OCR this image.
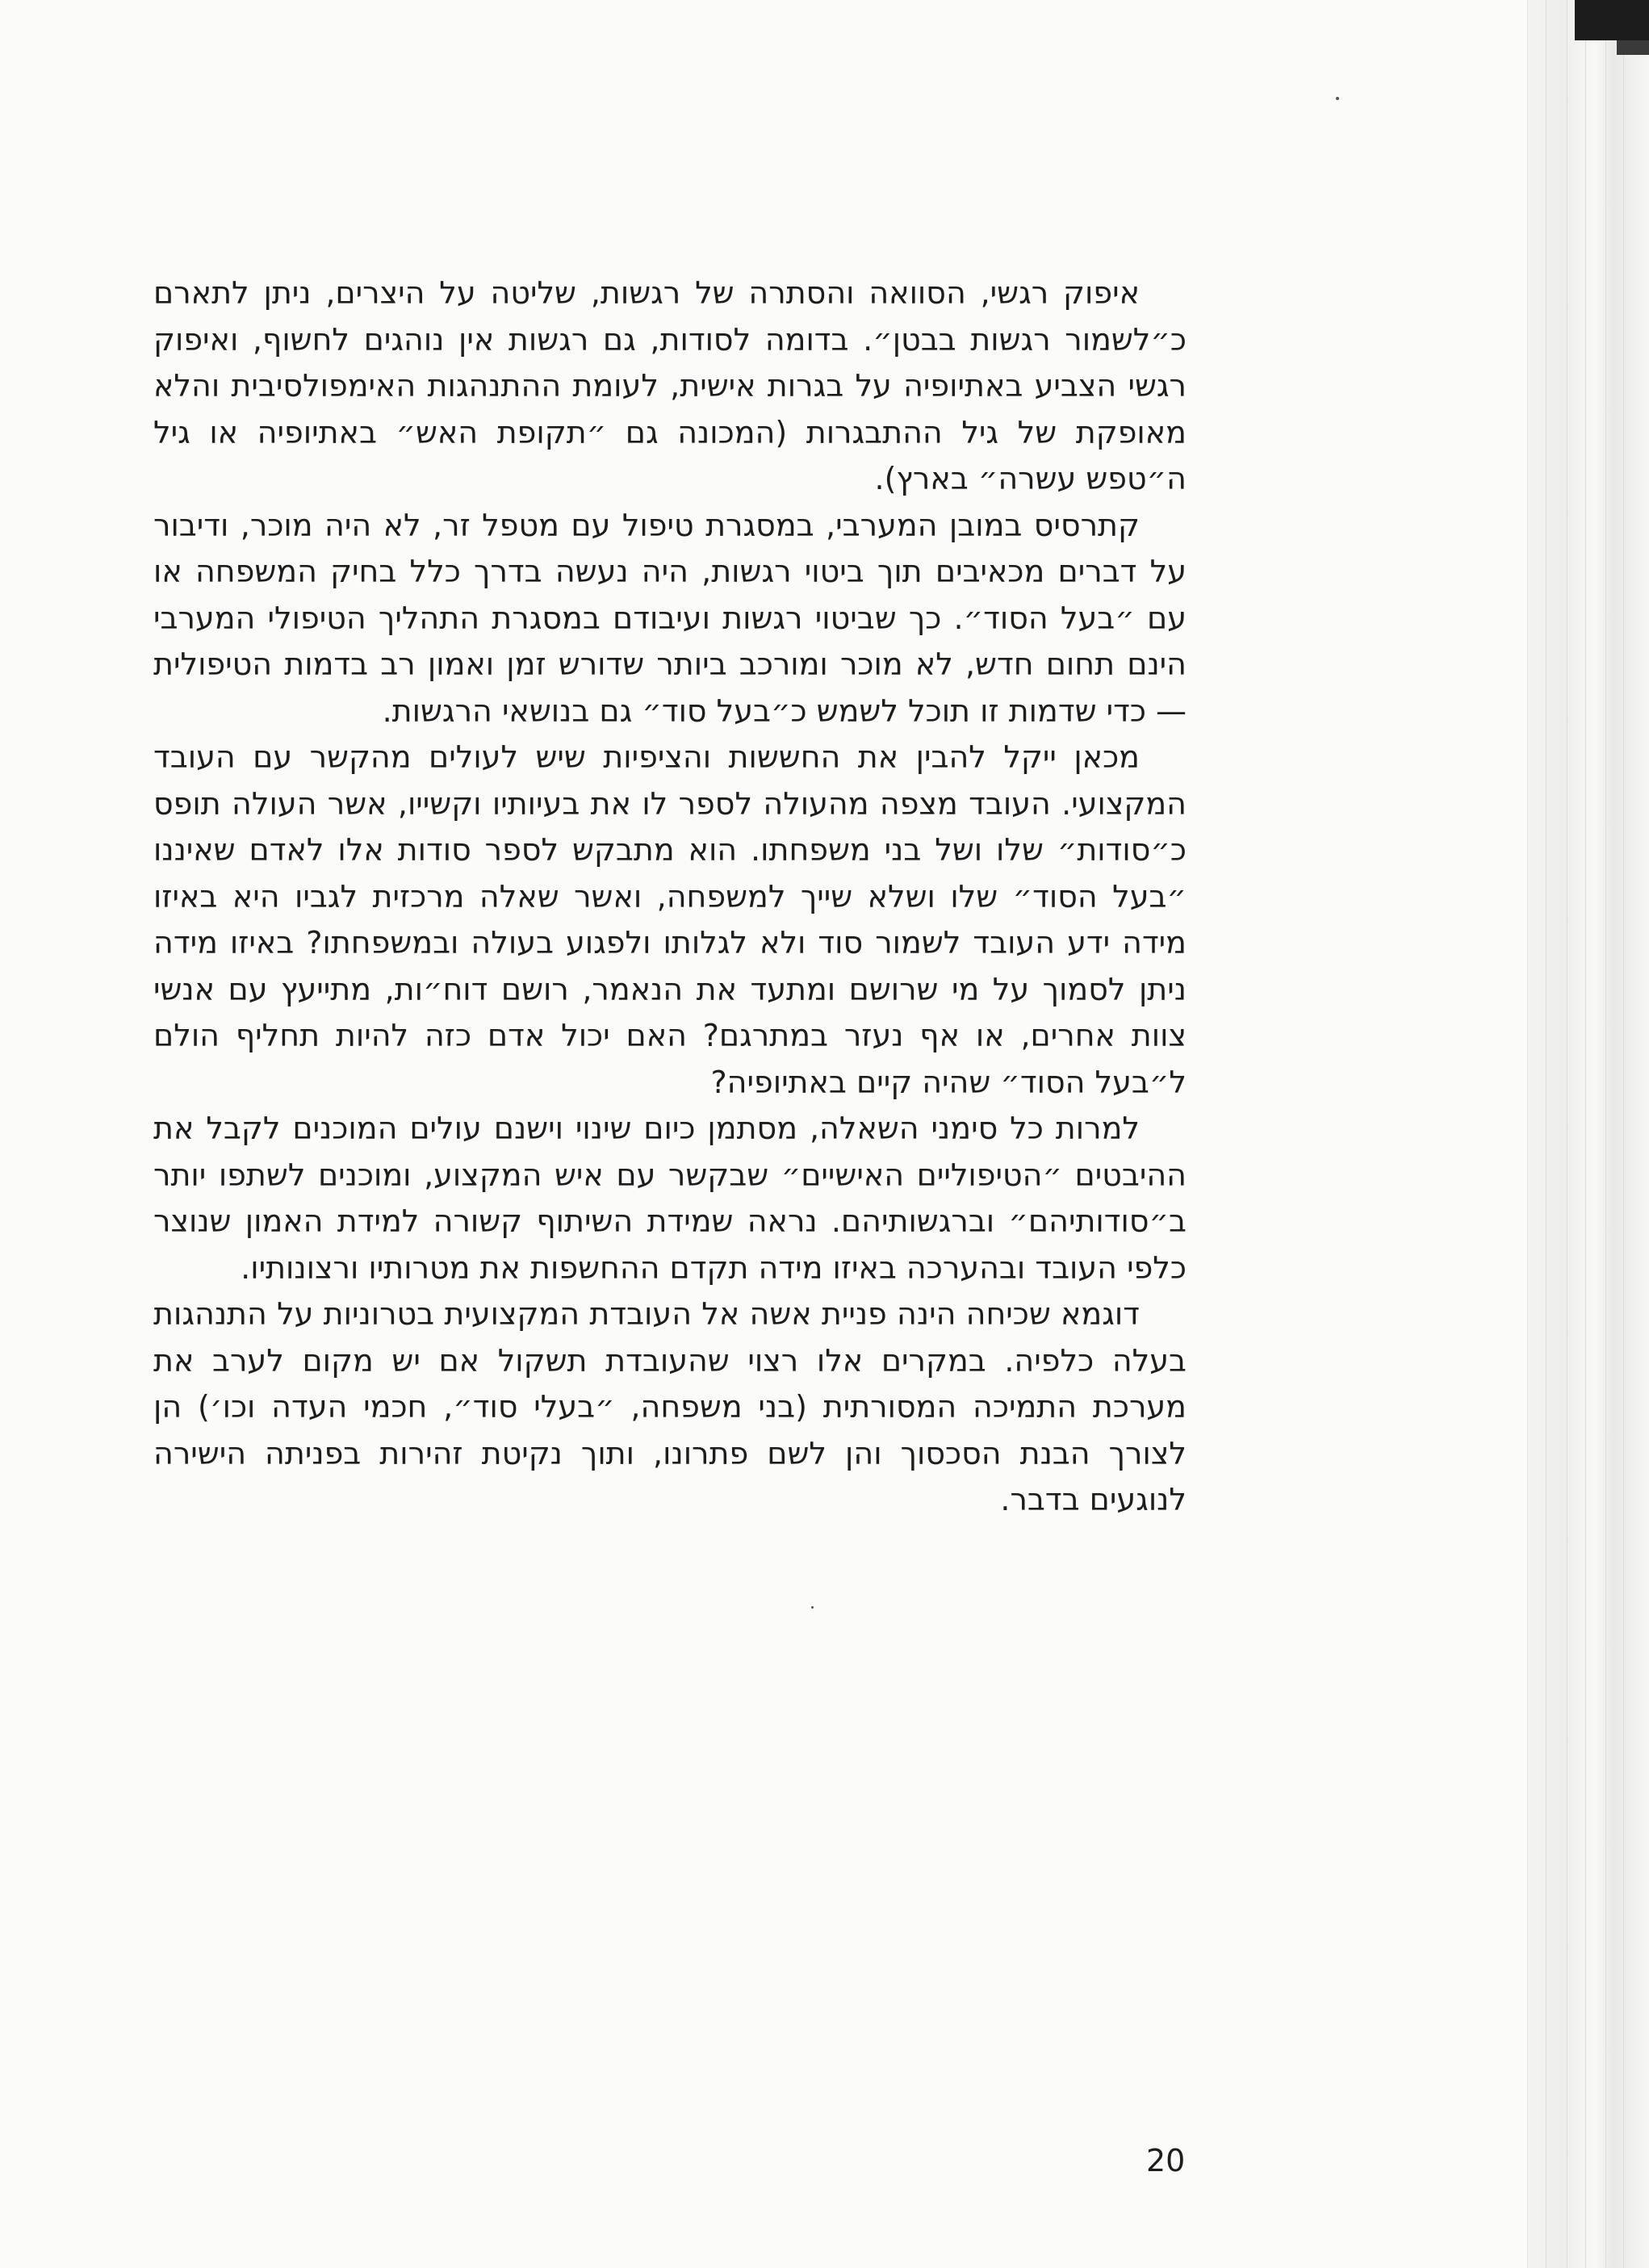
איפוק רגשי, הסוואה והסתרה של רגשות, שליטה על היצרים, ניתן לתארם כ״לשמור רגשות בבטן״. בדומה לסודות, גם רגשות אין נוהגים לחשוף, ואיפוק רגשי הצביע באתיופיה על בגרות אישית, לעומת ההתנהגות האימפולסיבית והלא מאופקת של גיל ההתבגרות (המכונה גם ״תקופת האש״ באתיופיה או גיל ה״טפש עשרה״ בארץ).

קתרסיס במובן המערבי, במסגרת טיפול עם מטפל זר, לא היה מוכר, ודיבור על דברים מכאיבים תוך ביטוי רגשות, היה נעשה בדרך כלל בחיק המשפחה או עם ״בעל הסוד״. כך שביטוי רגשות ועיבודם במסגרת התהליך הטיפולי המערבי הינם תחום חדש, לא מוכר ומורכב ביותר שדורש זמן ואמון רב בדמות הטיפולית — כדי שדמות זו תוכל לשמש כ״בעל סוד״ גם בנושאי הרגשות.

מכאן ייקל להבין את החששות והציפיות שיש לעולים מהקשר עם העובד המקצועי. העובד מצפה מהעולה לספר לו את בעיותיו וקשייו, אשר העולה תופס כ״סודות״ שלו ושל בני משפחתו. הוא מתבקש לספר סודות אלו לאדם שאיננו ״בעל הסוד״ שלו ושלא שייך למשפחה, ואשר שאלה מרכזית לגביו היא באיזו מידה ידע העובד לשמור סוד ולא לגלותו ולפגוע בעולה ובמשפחתו? באיזו מידה ניתן לסמוך על מי שרושם ומתעד את הנאמר, רושם דוח״ות, מתייעץ עם אנשי צוות אחרים, או אף נעזר במתרגם? האם יכול אדם כזה להיות תחליף הולם ל״בעל הסוד״ שהיה קיים באתיופיה?

למרות כל סימני השאלה, מסתמן כיום שינוי וישנם עולים המוכנים לקבל את ההיבטים ״הטיפוליים האישיים״ שבקשר עם איש המקצוע, ומוכנים לשתפו יותר ב״סודותיהם״ וברגשותיהם. נראה שמידת השיתוף קשורה למידת האמון שנוצר כלפי העובד ובהערכה באיזו מידה תקדם ההחשפות את מטרותיו ורצונותיו.

דוגמא שכיחה הינה פניית אשה אל העובדת המקצועית בטרוניות על התנהגות בעלה כלפיה. במקרים אלו רצוי שהעובדת תשקול אם יש מקום לערב את מערכת התמיכה המסורתית (בני משפחה, ״בעלי סוד״, חכמי העדה וכו׳) הן לצורך הבנת הסכסוך והן לשם פתרונו, ותוך נקיטת זהירות בפניתה הישירה לנוגעים בדבר.

20
